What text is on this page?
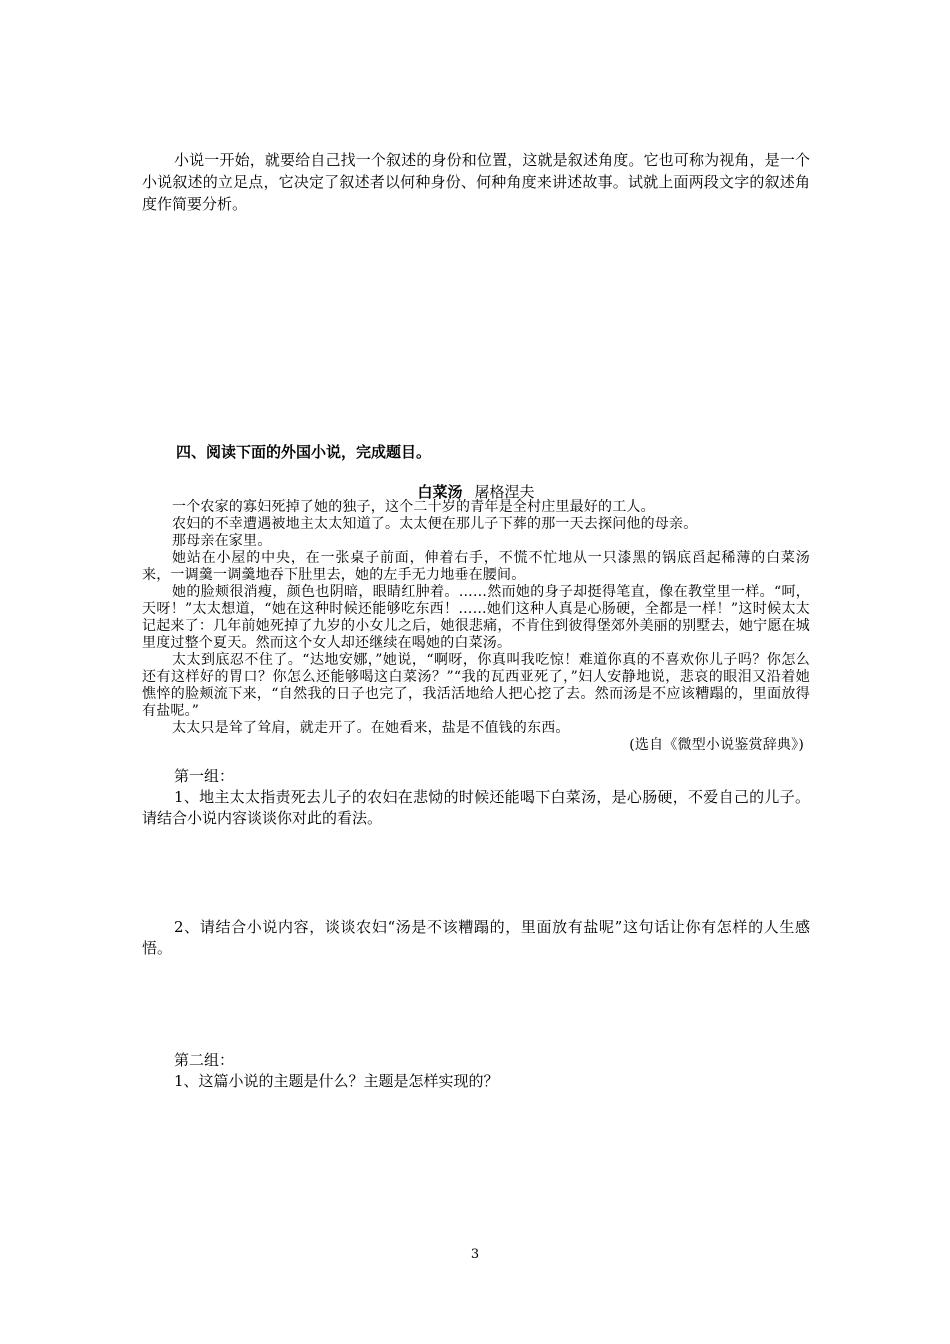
小说一开始，就要给自己找一个叙述的身份和位置，这就是叙述角度。它也可称为视角，是一个小说叙述的立足点，它决定了叙述者以何种身份、何种角度来讲述故事。试就上面两段文字的叙述角度作简要分析。

四、阅读下面的外国小说，完成题目。

白菜汤 屠格涅夫

一个农家的寡妇死掉了她的独子，这个二十岁的青年是全村庄里最好的工人。

农妇的不幸遭遇被地主太太知道了。太太便在那儿子下葬的那一天去探问他的母亲。

那母亲在家里。

她站在小屋的中央，在一张桌子前面，伸着右手，不慌不忙地从一只漆黑的锅底舀起稀薄的白菜汤来，一调羹一调羹地吞下肚里去，她的左手无力地垂在腰间。

她的脸颊很消瘦，颜色也阴暗，眼睛红肿着。……然而她的身子却挺得笔直，像在教堂里一样。“呵，天呀！”太太想道，“她在这种时候还能够吃东西！……她们这种人真是心肠硬，全都是一样！”这时候太太记起来了：几年前她死掉了九岁的小女儿之后，她很悲痛，不肯住到彼得堡郊外美丽的别墅去，她宁愿在城里度过整个夏天。然而这个女人却还继续在喝她的白菜汤。

太太到底忍不住了。“达地安娜，”她说，“啊呀，你真叫我吃惊！难道你真的不喜欢你儿子吗？你怎么还有这样好的胃口？你怎么还能够喝这白菜汤？”“我的瓦西亚死了，”妇人安静地说，悲哀的眼泪又沿着她憔悴的脸颊流下来，“自然我的日子也完了，我活活地给人把心挖了去。然而汤是不应该糟蹋的，里面放得有盐呢。”

太太只是耸了耸肩，就走开了。在她看来，盐是不值钱的东西。

(选自《微型小说鉴赏辞典》)

第一组：

1、地主太太指责死去儿子的农妇在悲恸的时候还能喝下白菜汤，是心肠硬，不爱自己的儿子。请结合小说内容谈谈你对此的看法。

2、请结合小说内容，谈谈农妇“汤是不该糟蹋的，里面放有盐呢”这句话让你有怎样的人生感悟。

第二组：

1、这篇小说的主题是什么？主题是怎样实现的？

3
